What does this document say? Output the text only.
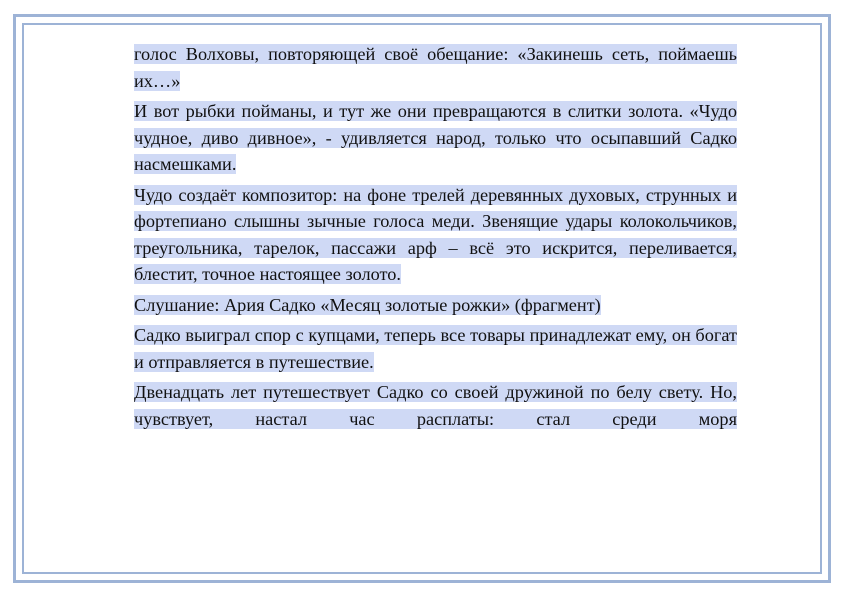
голос Волховы, повторяющей своё обещание: «Закинешь сеть, поймаешь их…»

И вот рыбки пойманы, и тут же они превращаются в слитки золота. «Чудо чудное, диво дивное», - удивляется народ, только что осыпавший Садко насмешками.

Чудо создаёт композитор: на фоне трелей деревянных духовых, струнных и фортепиано слышны зычные голоса меди. Звенящие удары колокольчиков, треугольника, тарелок, пассажи арф – всё это искрится, переливается, блестит, точное настоящее золото.

Слушание: Ария Садко «Месяц золотые рожки» (фрагмент)

Садко выиграл спор с купцами, теперь все товары принадлежат ему, он богат и отправляется в путешествие.

Двенадцать лет путешествует Садко со своей дружиной по белу свету. Но, чувствует, настал час расплаты: стал среди моря
